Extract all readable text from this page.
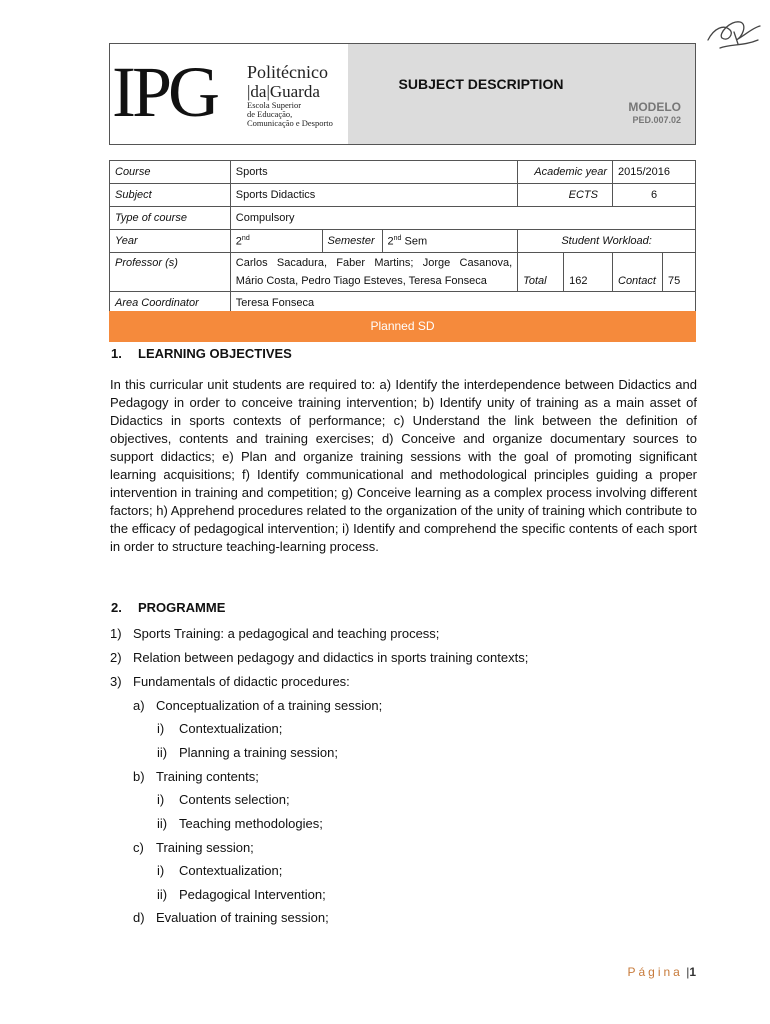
IPG Politécnico
|da|Guarda
Escola Superior
de Educação,
Comunicação e Desporto
SUBJECT DESCRIPTION
MODELO
PED.007.02
Course	Sports			Academic year		2015/2016	
Subject	Sports Didactics			ECTS		6	
Type of course	Compulsory						
Year	2nd	Semester	2nd Sem	Student Workload:			
Professor (s)	Carlos Sacadura, Faber Martins; Jorge Casanova,
Mário Costa, Pedro Tiago Esteves, Teresa Fonseca			Total	162	Contact	75
Area Coordinator	Teresa Fonseca						
Planned SD
1. LEARNING OBJECTIVES
In this curricular unit students are required to: a) Identify the interdependence between Didactics and Pedagogy in order to conceive training intervention; b) Identify unity of training as a main asset of Didactics in sports contexts of performance; c) Understand the link between the definition of objectives, contents and training exercises; d) Conceive and organize documentary sources to support didactics; e) Plan and organize training sessions with the goal of promoting significant learning acquisitions; f) Identify communicational and methodological principles guiding a proper intervention in training and competition; g) Conceive learning as a complex process involving different factors; h) Apprehend procedures related to the organization of the unity of training which contribute to the efficacy of pedagogical intervention; i) Identify and comprehend the specific contents of each sport in order to structure teaching-learning process.
2. PROGRAMME
1) Sports Training: a pedagogical and teaching process;
2) Relation between pedagogy and didactics in sports training contexts;
3) Fundamentals of didactic procedures:
a) Conceptualization of a training session;
i) Contextualization;
ii) Planning a training session;
b) Training contents;
i) Contents selection;
ii) Teaching methodologies;
c) Training session;
i) Contextualization;
ii) Pedagogical Intervention;
d) Evaluation of training session;
Página |1
